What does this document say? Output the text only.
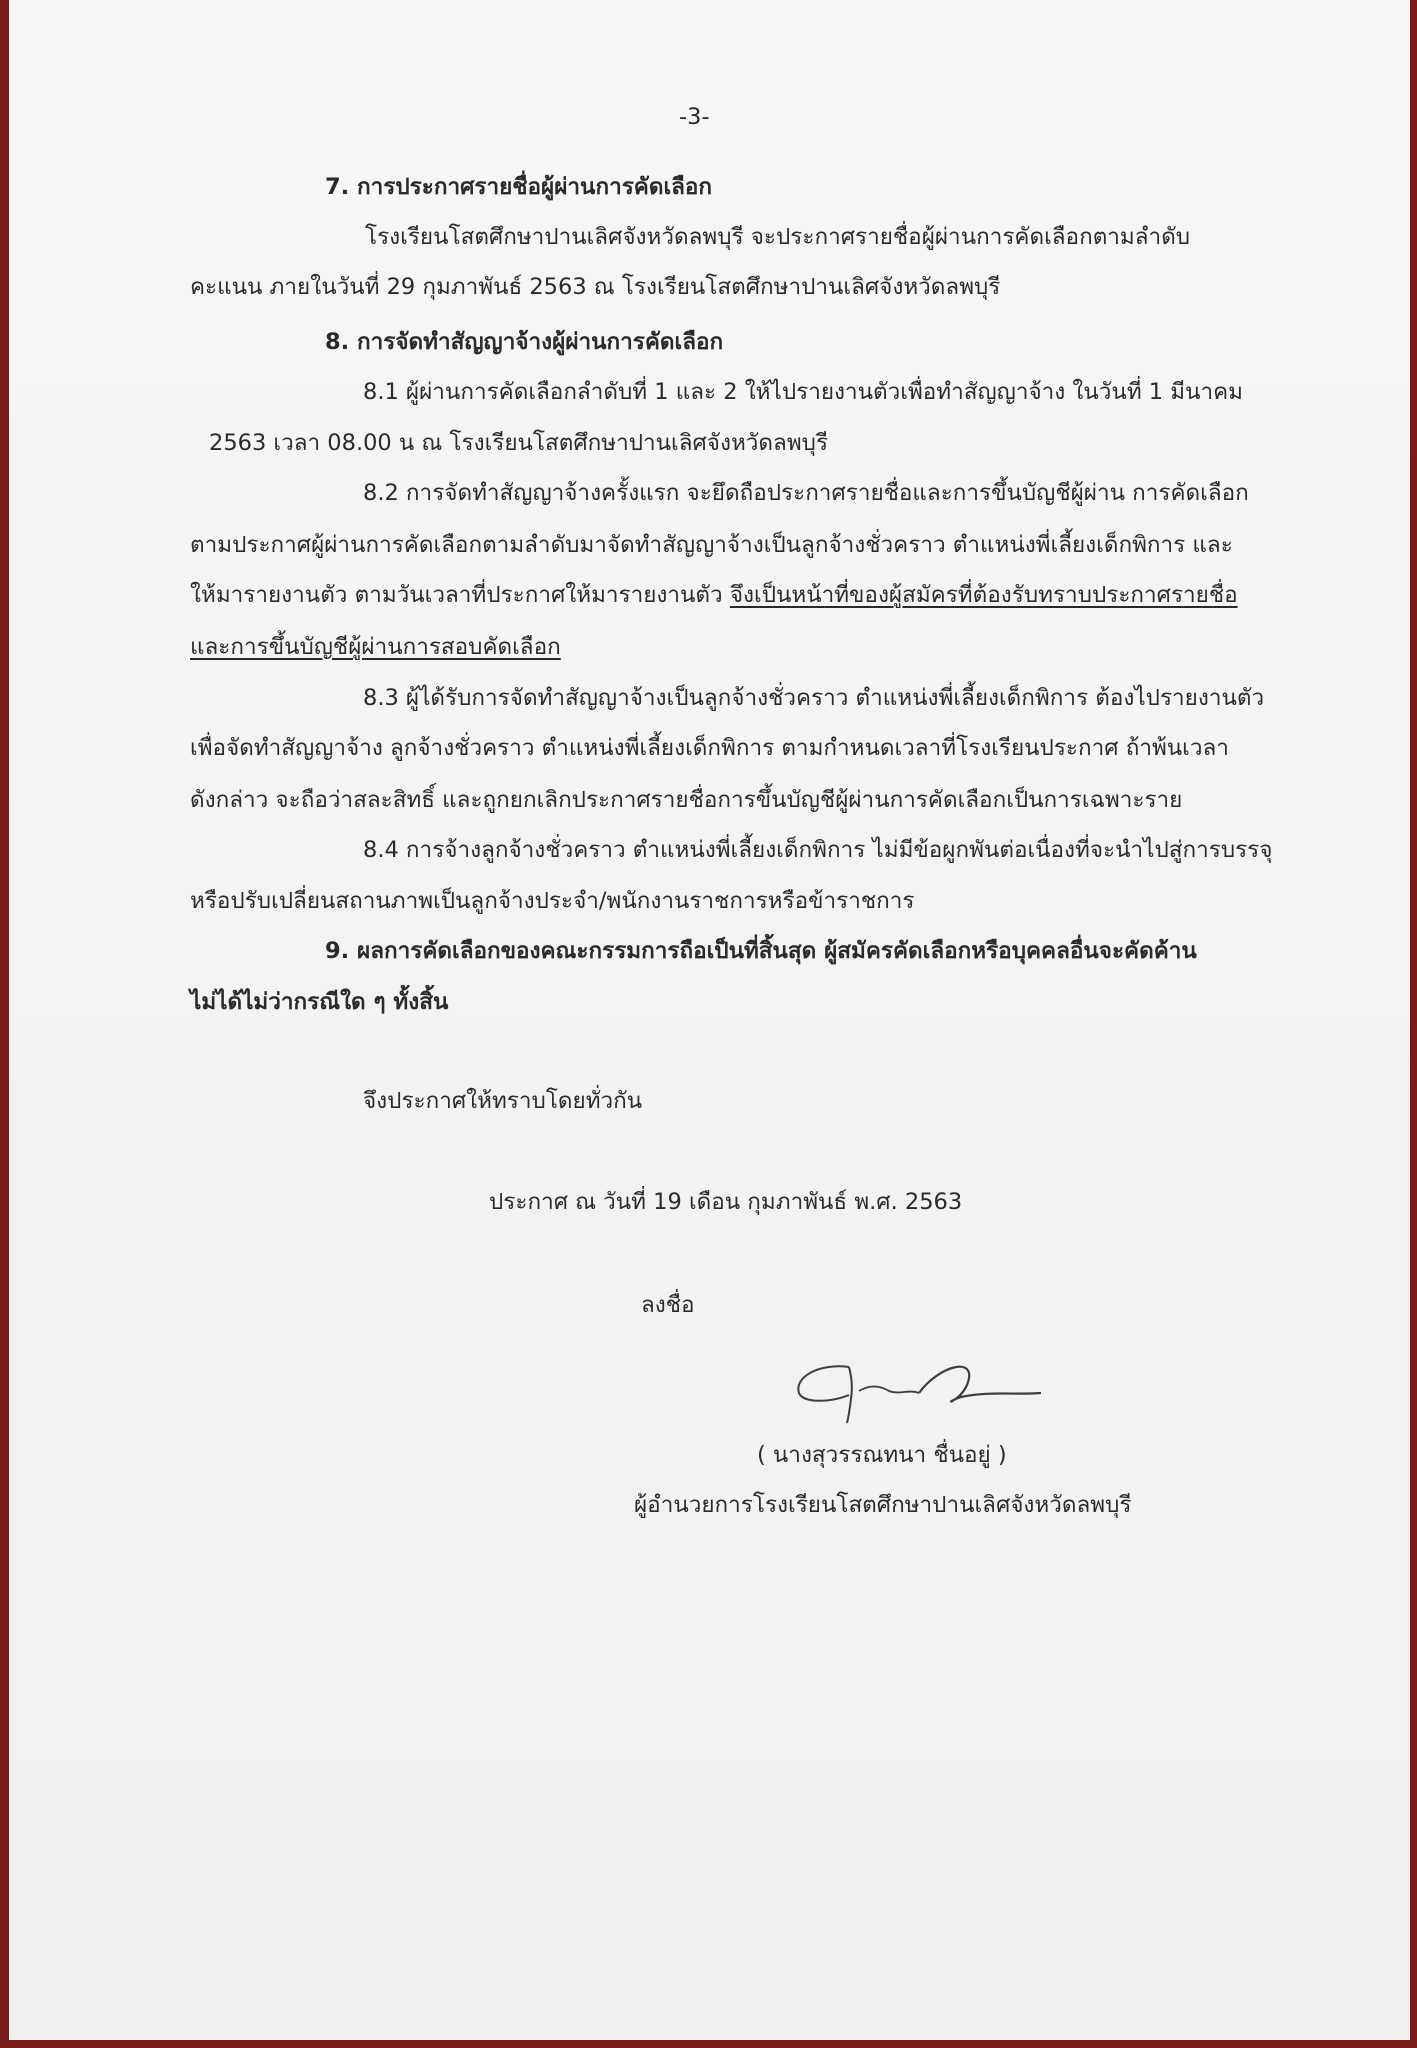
-3-
7. การประกาศรายชื่อผู้ผ่านการคัดเลือก
โรงเรียนโสตศึกษาปานเลิศจังหวัดลพบุรี จะประกาศรายชื่อผู้ผ่านการคัดเลือกตามลำดับ
คะแนน ภายในวันที่ 29 กุมภาพันธ์ 2563 ณ โรงเรียนโสตศึกษาปานเลิศจังหวัดลพบุรี
8. การจัดทำสัญญาจ้างผู้ผ่านการคัดเลือก
8.1 ผู้ผ่านการคัดเลือกลำดับที่ 1 และ 2 ให้ไปรายงานตัวเพื่อทำสัญญาจ้าง ในวันที่ 1 มีนาคม
2563 เวลา 08.00 น ณ โรงเรียนโสตศึกษาปานเลิศจังหวัดลพบุรี
8.2 การจัดทำสัญญาจ้างครั้งแรก จะยึดถือประกาศรายชื่อและการขึ้นบัญชีผู้ผ่าน การคัดเลือก
ตามประกาศผู้ผ่านการคัดเลือกตามลำดับมาจัดทำสัญญาจ้างเป็นลูกจ้างชั่วคราว ตำแหน่งพี่เลี้ยงเด็กพิการ และ
ให้มารายงานตัว ตามวันเวลาที่ประกาศให้มารายงานตัว จึงเป็นหน้าที่ของผู้สมัครที่ต้องรับทราบประกาศรายชื่อ
และการขึ้นบัญชีผู้ผ่านการสอบคัดเลือก
8.3 ผู้ได้รับการจัดทำสัญญาจ้างเป็นลูกจ้างชั่วคราว ตำแหน่งพี่เลี้ยงเด็กพิการ ต้องไปรายงานตัว
เพื่อจัดทำสัญญาจ้าง ลูกจ้างชั่วคราว ตำแหน่งพี่เลี้ยงเด็กพิการ ตามกำหนดเวลาที่โรงเรียนประกาศ ถ้าพ้นเวลา
ดังกล่าว จะถือว่าสละสิทธิ์ และถูกยกเลิกประกาศรายชื่อการขึ้นบัญชีผู้ผ่านการคัดเลือกเป็นการเฉพาะราย
8.4 การจ้างลูกจ้างชั่วคราว ตำแหน่งพี่เลี้ยงเด็กพิการ ไม่มีข้อผูกพันต่อเนื่องที่จะนำไปสู่การบรรจุ
หรือปรับเปลี่ยนสถานภาพเป็นลูกจ้างประจำ/พนักงานราชการหรือข้าราชการ
9. ผลการคัดเลือกของคณะกรรมการถือเป็นที่สิ้นสุด ผู้สมัครคัดเลือกหรือบุคคลอื่นจะคัดค้าน
ไม่ได้ไม่ว่ากรณีใด ๆ ทั้งสิ้น
จึงประกาศให้ทราบโดยทั่วกัน
ประกาศ ณ วันที่ 19 เดือน กุมภาพันธ์ พ.ศ. 2563
ลงชื่อ
( นางสุวรรณทนา ชื่นอยู่ )
ผู้อำนวยการโรงเรียนโสตศึกษาปานเลิศจังหวัดลพบุรี
